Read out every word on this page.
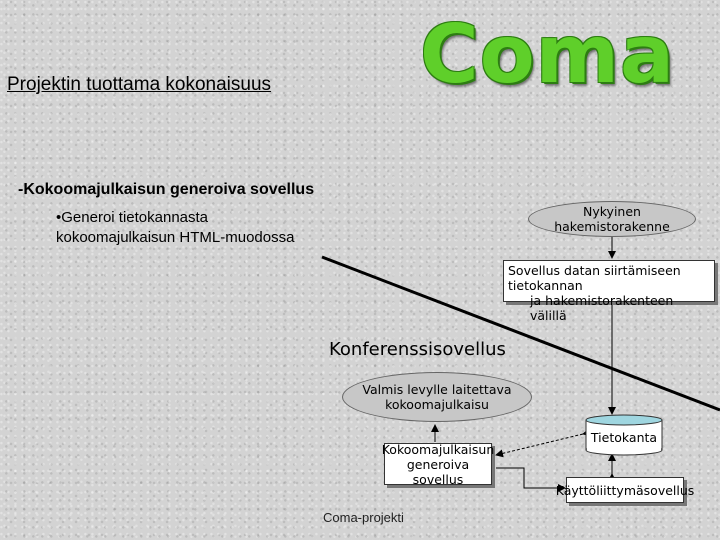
Projektin tuottama kokonaisuus Coma
-Kokoomajulkaisun generoiva sovellus
•Generoi tietokannasta
kokoomajulkaisun HTML-muodossa
Nykyinen hakemistorakenne
Sovellus datan siirtämiseen tietokannan
ja hakemistorakenteen välillä
Konferenssisovellus
Valmis levylle laitettava
kokoomajulkaisu
Kokoomajulkaisun
generoiva sovellus
Tietokanta
Käyttöliittymäsovellus
Coma-projekti
